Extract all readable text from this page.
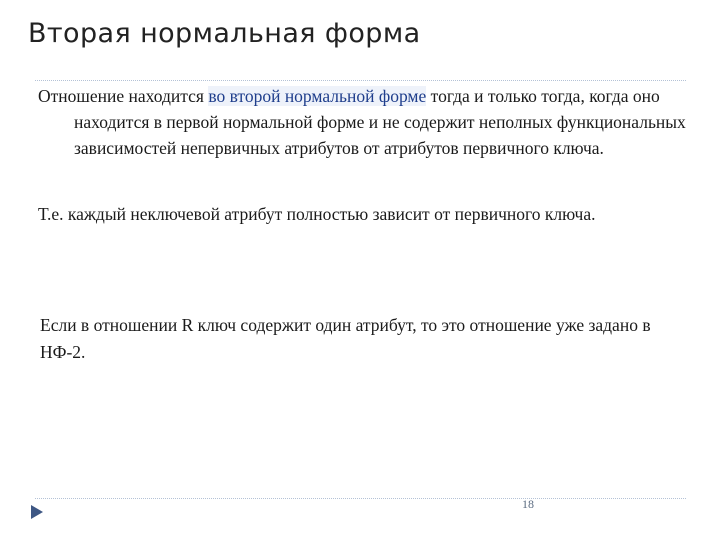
Вторая нормальная форма
Отношение находится во второй нормальной форме тогда и только тогда, когда оно находится в первой нормальной форме и не содержит неполных функциональных зависимостей непервичных атрибутов от атрибутов первичного ключа.
Т.е. каждый неключевой атрибут полностью зависит от первичного ключа.
Если в отношении R ключ содержит один атрибут, то это отношение уже задано в НФ-2.
18
